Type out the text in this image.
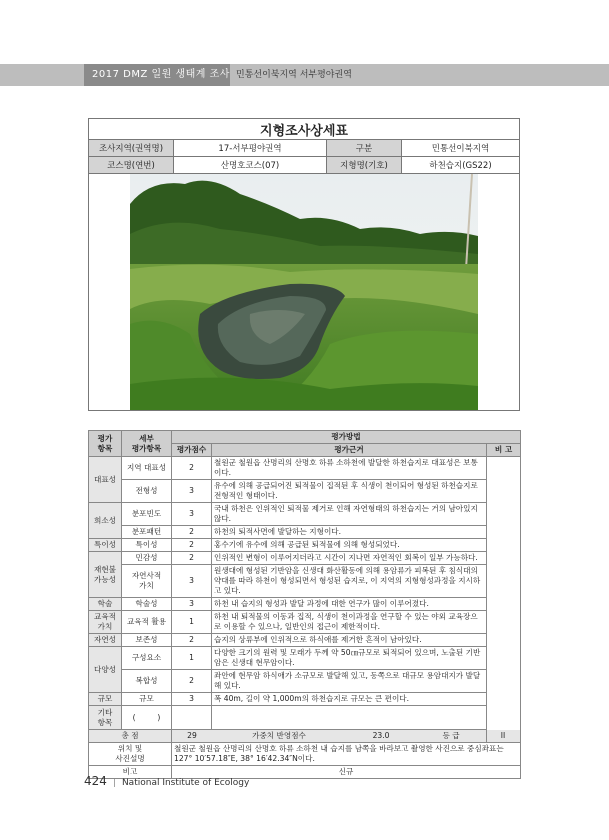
2017 DMZ 일원 생태계 조사 민통선이북지역 서부평야권역
지형조사상세표			
조사지역(권역명)	17-서부평야권역	구분	민통선이북지역
코스명(연번)	산명호코스(07)	지형명(기호)	하천습지(GS22)

평가
항목	세부
평가항목	평가방법		
		평가점수	평가근거	비 고
대표성	지역 대표성	2	철원군 철원읍 산명리의 산명호 하류 소하천에 발달한 하천습지로 대표성은 보통이다.	
	전형성	3	유수에 의해 공급되어진 퇴적물이 집적된 후 식생이 천이되어 형성된 하천습지로 전형적인 형태이다.	
희소성	분포빈도	3	국내 하천은 인위적인 퇴적물 제거로 인해 자연형태의 하천습지는 거의 남아있지 않다.	
	분포패턴	2	하천의 퇴적사면에 발달하는 지형이다.	
특이성	특이성	2	홍수기에 유수에 의해 공급된 퇴적물에 의해 형성되었다.	
재현불
가능성	민감성	2	인위적인 변형이 이루어지더라고 시간이 지나면 자연적인 회복이 일부 가능하다.	
	자연사적
가치	3	원생대에 형성된 기반암을 신생대 화산활동에 의해 용암류가 피복된 후 침식대의 약대를 따라 하천이 형성되면서 형성된 습지로, 이 지역의 지형형성과정을 지시하고 있다.	
학술	학술성	3	하천 내 습지의 형성과 발달 과정에 대한 연구가 많이 이루어졌다.	
교육적
가치	교육적 활용	1	하천 내 퇴적물의 이동과 집적, 식생이 천이과정을 연구할 수 있는 야외 교육장으로 이용할 수 있으나, 일반인의 접근이 제한적이다.	
자연성	보존성	2	습지의 상류부에 인위적으로 하식애를 제거한 흔적이 남아있다.	
다양성	구성요소	1	다양한 크기의 원력 및 모래가 두께 약 50㎝규모로 퇴적되어 있으며, 노출된 기반암은 신생대 현무암이다.	
	복합성	2	좌안에 현무암 하식애가 소규모로 발달해 있고, 동쪽으로 대규모 용암대지가 발달해 있다.	
규모	규모	3	폭 40m, 길이 약 1,000m의 하천습지로 규모는 큰 편이다.	
기타
항목	(         )			
총 점		29 가중치 반영점수 23.0 등 급 II		

위치 및
사진설명		철원군 철원읍 산명리의 산명호 하류 소하천 내 습지를 남쪽을 바라보고 촬영한 사진으로 중심좌표는 127° 10′57.18″E, 38° 16′42.34″N이다.		
비고		신규		
424 | National Institute of Ecology
